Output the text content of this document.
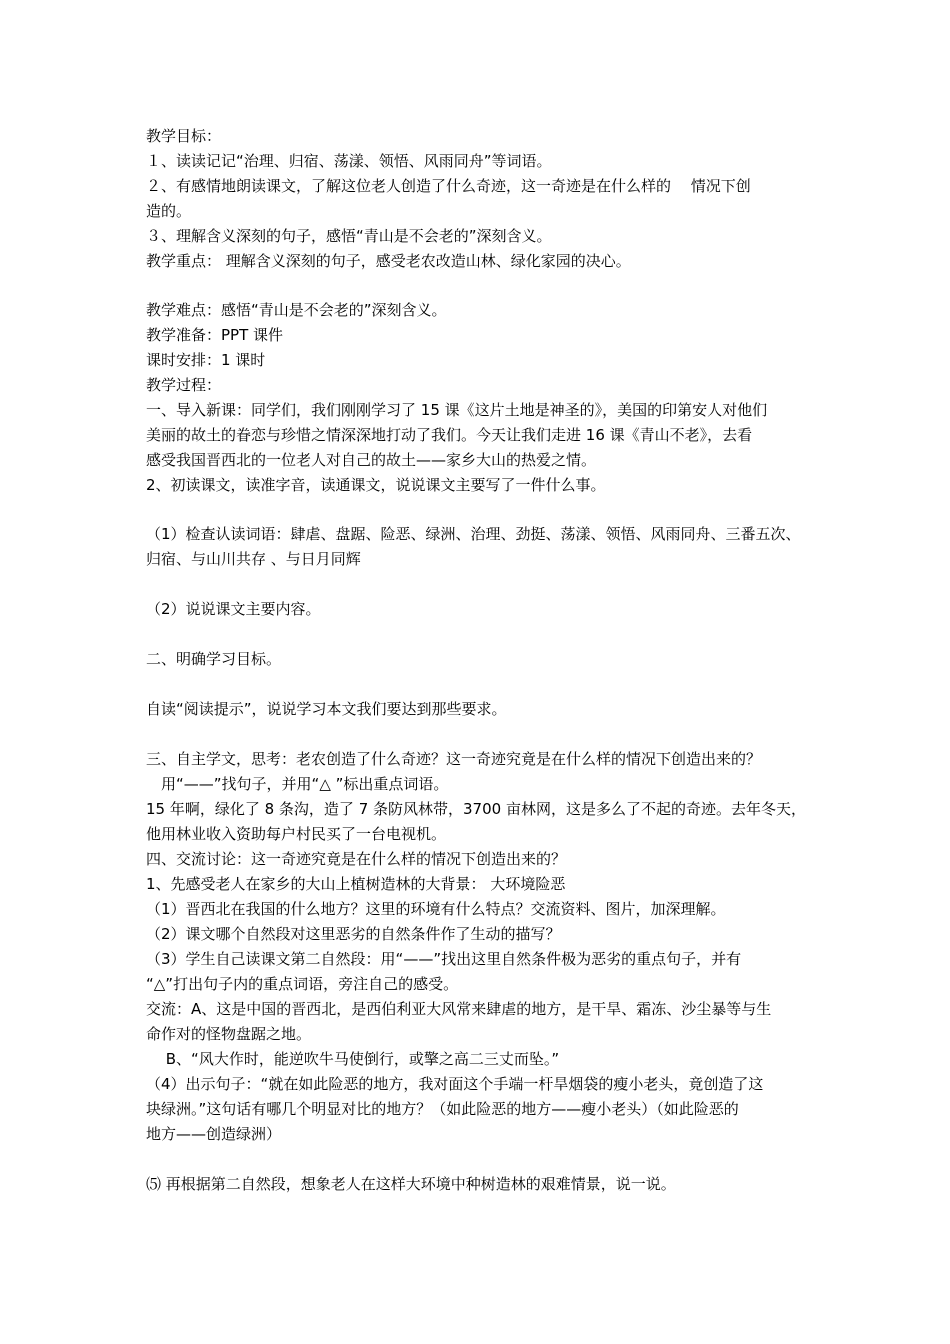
教学目标：
１、读读记记“治理、归宿、荡漾、领悟、风雨同舟”等词语。
２、有感情地朗读课文，了解这位老人创造了什么奇迹，这一奇迹是在什么样的　 情况下创
造的。
３、理解含义深刻的句子，感悟“青山是不会老的”深刻含义。
教学重点： 理解含义深刻的句子，感受老农改造山林、绿化家园的决心。
教学难点：感悟“青山是不会老的”深刻含义。
教学准备：PPT 课件
课时安排：1 课时
教学过程：
一、导入新课：同学们，我们刚刚学习了 15 课《这片土地是神圣的》，美国的印第安人对他们
美丽的故土的眷恋与珍惜之情深深地打动了我们。今天让我们走进 16 课《青山不老》，去看
感受我国晋西北的一位老人对自己的故土——家乡大山的热爱之情。
2、初读课文，读准字音，读通课文，说说课文主要写了一件什么事。
（1）检查认读词语：肆虐、盘踞、险恶、绿洲、治理、劲挺、荡漾、领悟、风雨同舟、三番五次、
归宿、与山川共存 、与日月同辉
（2）说说课文主要内容。
二、明确学习目标。
自读“阅读提示”，说说学习本文我们要达到那些要求。
三、自主学文，思考：老农创造了什么奇迹？这一奇迹究竟是在什么样的情况下创造出来的？
　用“——”找句子，并用“△ ”标出重点词语。
15 年啊，绿化了 8 条沟，造了 7 条防风林带，3700 亩林网，这是多么了不起的奇迹。去年冬天，
他用林业收入资助每户村民买了一台电视机。
四、交流讨论：这一奇迹究竟是在什么样的情况下创造出来的？
1、先感受老人在家乡的大山上植树造林的大背景： 大环境险恶
（1）晋西北在我国的什么地方？这里的环境有什么特点？交流资料、图片，加深理解。
（2）课文哪个自然段对这里恶劣的自然条件作了生动的描写？
（3）学生自己读课文第二自然段：用“——”找出这里自然条件极为恶劣的重点句子，并有
“△”打出句子内的重点词语，旁注自己的感受。
交流：A、这是中国的晋西北，是西伯利亚大风常来肆虐的地方，是干旱、霜冻、沙尘暴等与生
命作对的怪物盘踞之地。
　 B、“风大作时，能逆吹牛马使倒行，或擎之高二三丈而坠。”
（4）出示句子：“就在如此险恶的地方，我对面这个手端一杆旱烟袋的瘦小老头，竟创造了这
块绿洲。”这句话有哪几个明显对比的地方？（如此险恶的地方——瘦小老头）（如此险恶的
地方——创造绿洲）
⑸ 再根据第二自然段，想象老人在这样大环境中种树造林的艰难情景，说一说。
